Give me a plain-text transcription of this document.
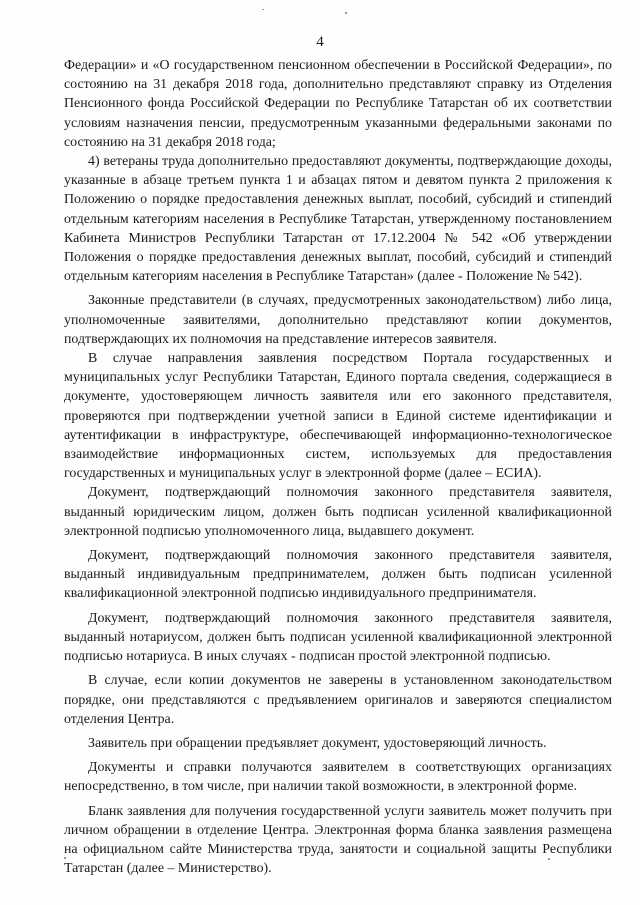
4

Федерации» и «О государственном пенсионном обеспечении в Российской Федерации», по состоянию на 31 декабря 2018 года, дополнительно представляют справку из Отделения Пенсионного фонда Российской Федерации по Республике Татарстан об их соответствии условиям назначения пенсии, предусмотренным указанными федеральными законами по состоянию на 31 декабря 2018 года;

4) ветераны труда дополнительно предоставляют документы, подтверждающие доходы, указанные в абзаце третьем пункта 1 и абзацах пятом и девятом пункта 2 приложения к Положению о порядке предоставления денежных выплат, пособий, субсидий и стипендий отдельным категориям населения в Республике Татарстан, утвержденному постановлением Кабинета Министров Республики Татарстан от 17.12.2004 № 542 «Об утверждении Положения о порядке предоставления денежных выплат, пособий, субсидий и стипендий отдельным категориям населения в Республике Татарстан» (далее - Положение № 542).

Законные представители (в случаях, предусмотренных законодательством) либо лица, уполномоченные заявителями, дополнительно представляют копии документов, подтверждающих их полномочия на представление интересов заявителя.

В случае направления заявления посредством Портала государственных и муниципальных услуг Республики Татарстан, Единого портала сведения, содержащиеся в документе, удостоверяющем личность заявителя или его законного представителя, проверяются при подтверждении учетной записи в Единой системе идентификации и аутентификации в инфраструктуре, обеспечивающей информационно-технологическое взаимодействие информационных систем, используемых для предоставления государственных и муниципальных услуг в электронной форме (далее – ЕСИА).

Документ, подтверждающий полномочия законного представителя заявителя, выданный юридическим лицом, должен быть подписан усиленной квалификационной электронной подписью уполномоченного лица, выдавшего документ.

Документ, подтверждающий полномочия законного представителя заявителя, выданный индивидуальным предпринимателем, должен быть подписан усиленной квалификационной электронной подписью индивидуального предпринимателя.

Документ, подтверждающий полномочия законного представителя заявителя, выданный нотариусом, должен быть подписан усиленной квалификационной электронной подписью нотариуса. В иных случаях - подписан простой электронной подписью.

В случае, если копии документов не заверены в установленном законодательством порядке, они представляются с предъявлением оригиналов и заверяются специалистом отделения Центра.

Заявитель при обращении предъявляет документ, удостоверяющий личность.

Документы и справки получаются заявителем в соответствующих организациях непосредственно, в том числе, при наличии такой возможности, в электронной форме.

Бланк заявления для получения государственной услуги заявитель может получить при личном обращении в отделение Центра. Электронная форма бланка заявления размещена на официальном сайте Министерства труда, занятости и социальной защиты Республики Татарстан (далее – Министерство).
